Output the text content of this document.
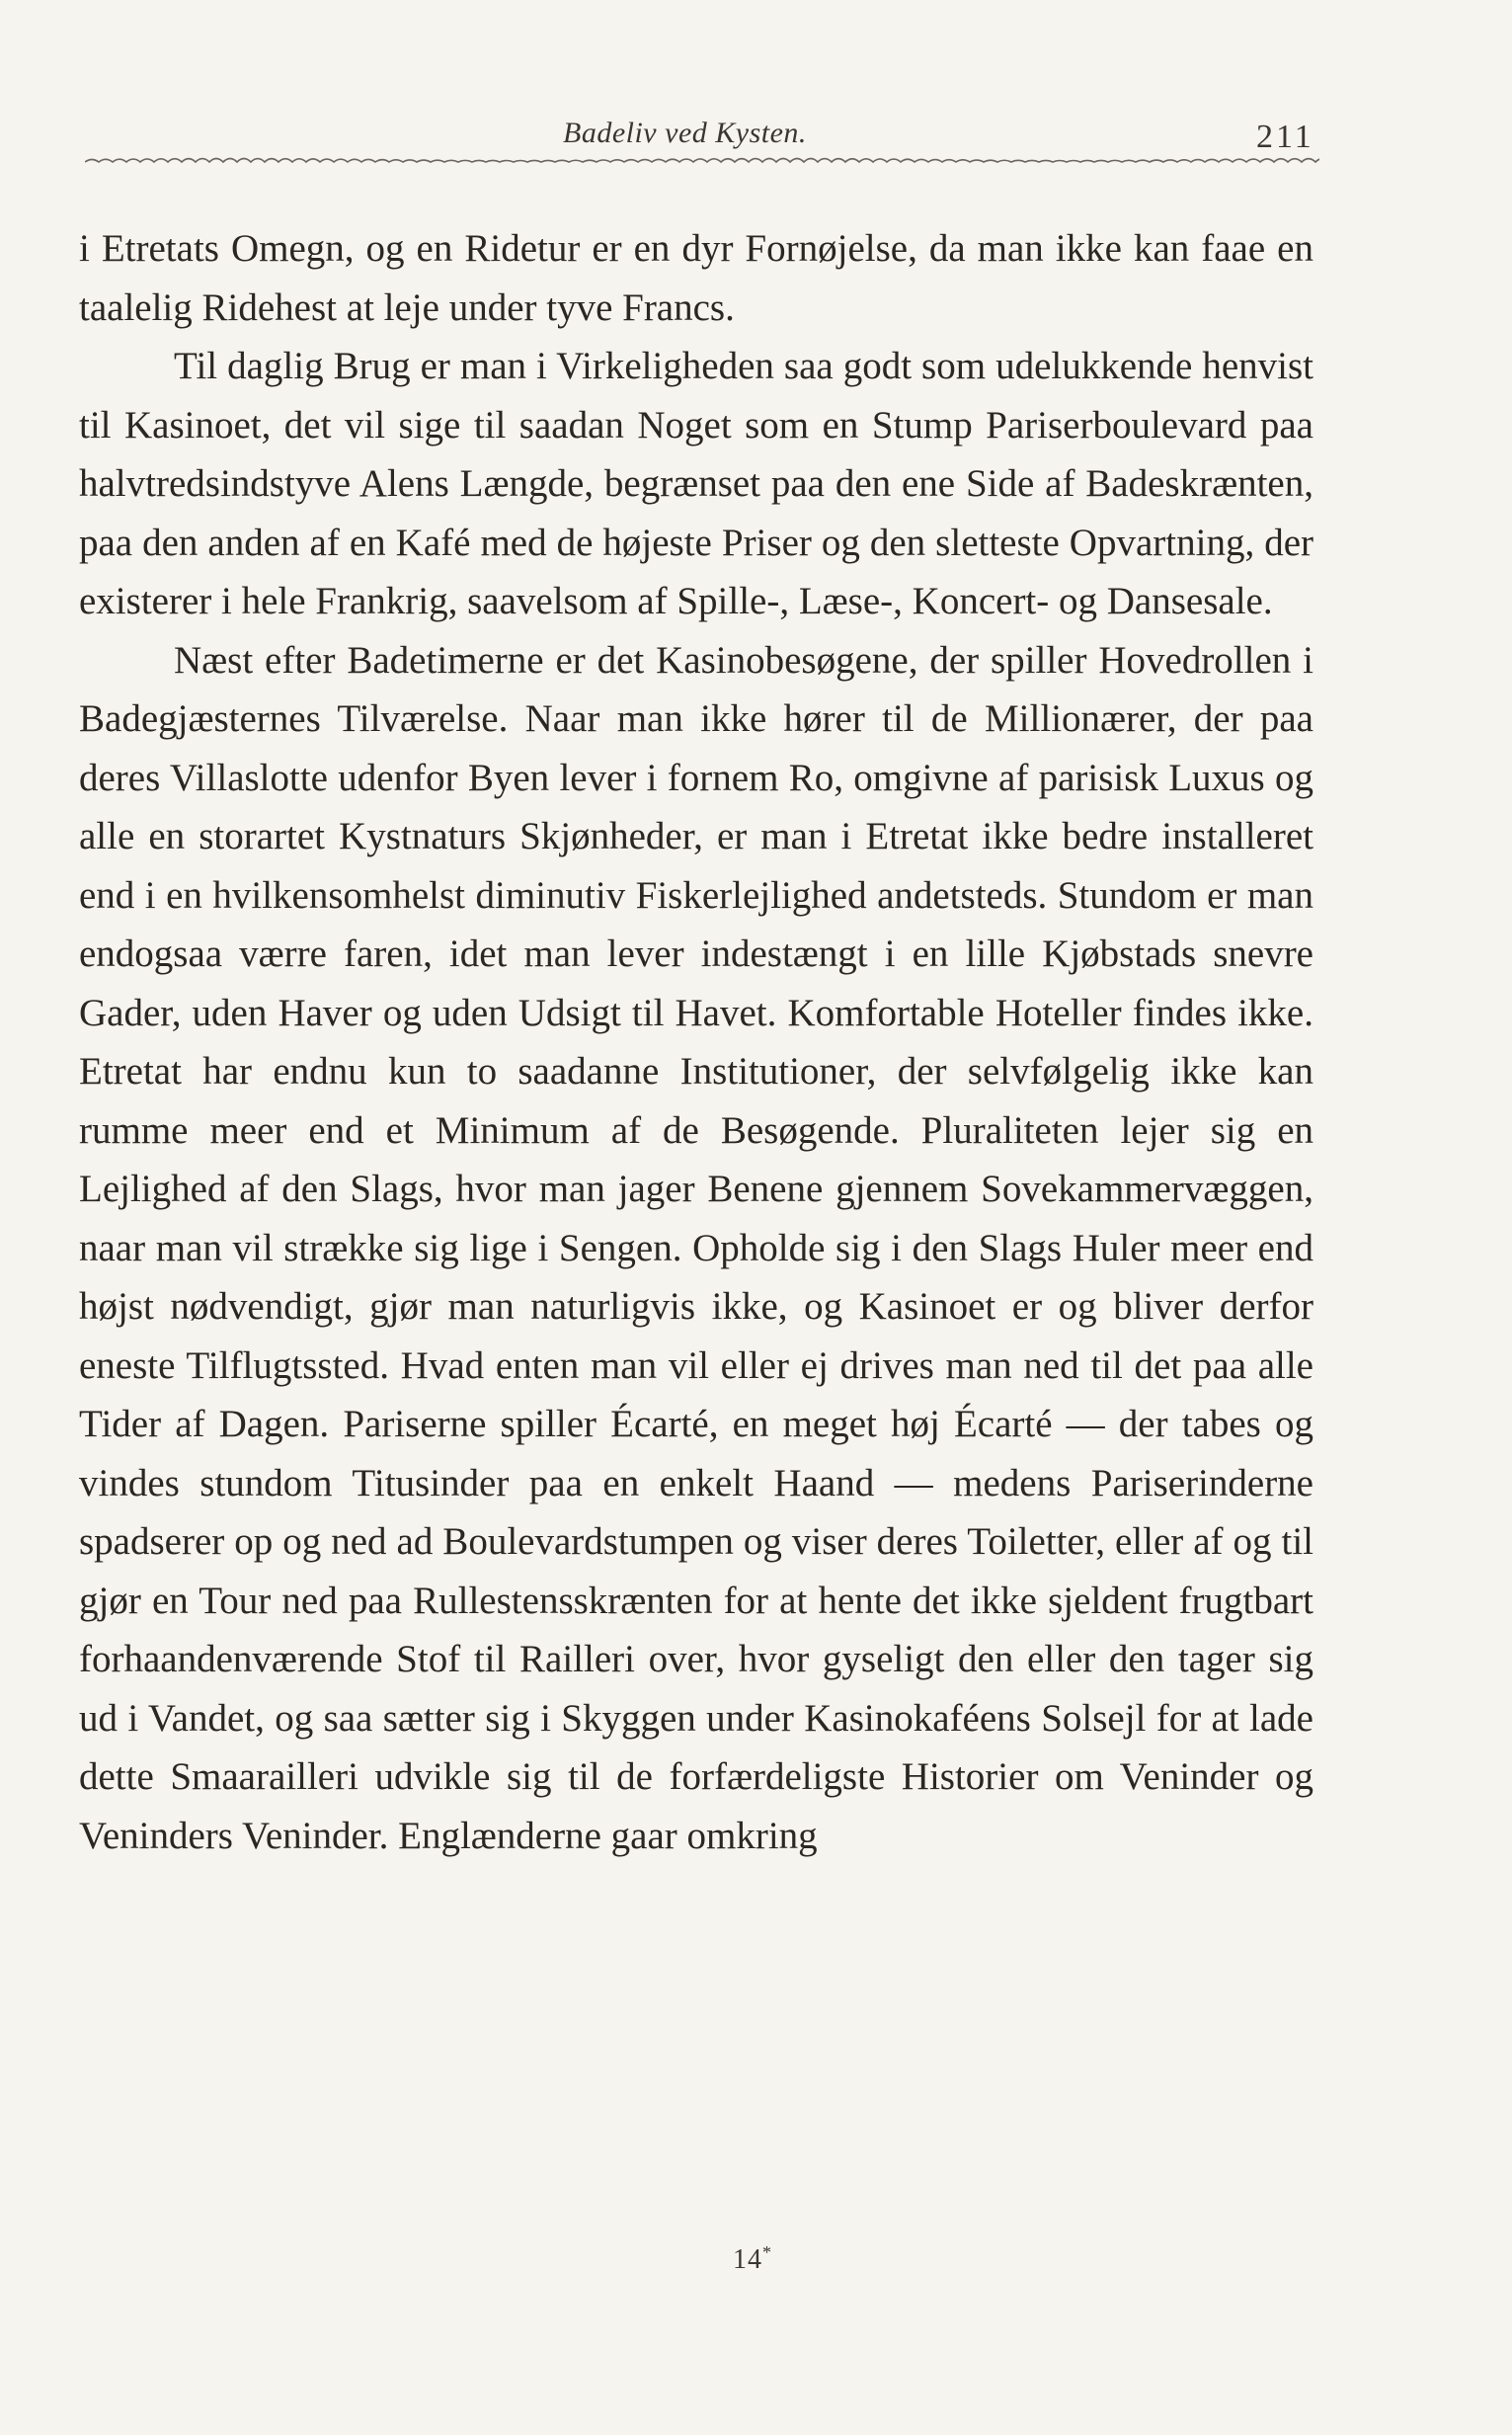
Badeliv ved Kysten.	211

i Etretats Omegn, og en Ridetur er en dyr Fornøjelse, da man ikke kan faae en taalelig Ridehest at leje under tyve Francs.

Til daglig Brug er man i Virkeligheden saa godt som udelukkende henvist til Kasinoet, det vil sige til saadan Noget som en Stump Pariserboulevard paa halvtredsindstyve Alens Længde, begrænset paa den ene Side af Badeskrænten, paa den anden af en Kafé med de højeste Priser og den sletteste Opvartning, der existerer i hele Frankrig, saavelsom af Spille-, Læse-, Koncert- og Dansesale.

Næst efter Badetimerne er det Kasinobesøgene, der spiller Hovedrollen i Badegjæsternes Tilværelse. Naar man ikke hører til de Millionærer, der paa deres Villaslotte udenfor Byen lever i fornem Ro, omgivne af parisisk Luxus og alle en storartet Kystnaturs Skjønheder, er man i Etretat ikke bedre installeret end i en hvilkensomhelst diminutiv Fiskerlejlighed andetsteds. Stundom er man endogsaa værre faren, idet man lever indestængt i en lille Kjøbstads snevre Gader, uden Haver og uden Udsigt til Havet. Komfortable Hoteller findes ikke. Etretat har endnu kun to saadanne Institutioner, der selvfølgelig ikke kan rumme meer end et Minimum af de Besøgende. Pluraliteten lejer sig en Lejlighed af den Slags, hvor man jager Benene gjennem Sovekammervæggen, naar man vil strække sig lige i Sengen. Opholde sig i den Slags Huler meer end højst nødvendigt, gjør man naturligvis ikke, og Kasinoet er og bliver derfor eneste Tilflugtssted. Hvad enten man vil eller ej drives man ned til det paa alle Tider af Dagen. Pariserne spiller Écarté, en meget høj Écarté — der tabes og vindes stundom Titusinder paa en enkelt Haand — medens Pariserinderne spadserer op og ned ad Boulevardstumpen og viser deres Toiletter, eller af og til gjør en Tour ned paa Rullestensskrænten for at hente det ikke sjeldent frugtbart forhaandenværende Stof til Railleri over, hvor gyseligt den eller den tager sig ud i Vandet, og saa sætter sig i Skyggen under Kasinokaféens Solsejl for at lade dette Smaarailleri udvikle sig til de forfærdeligste Historier om Veninder og Veninders Veninder. Englænderne gaar omkring

14*
